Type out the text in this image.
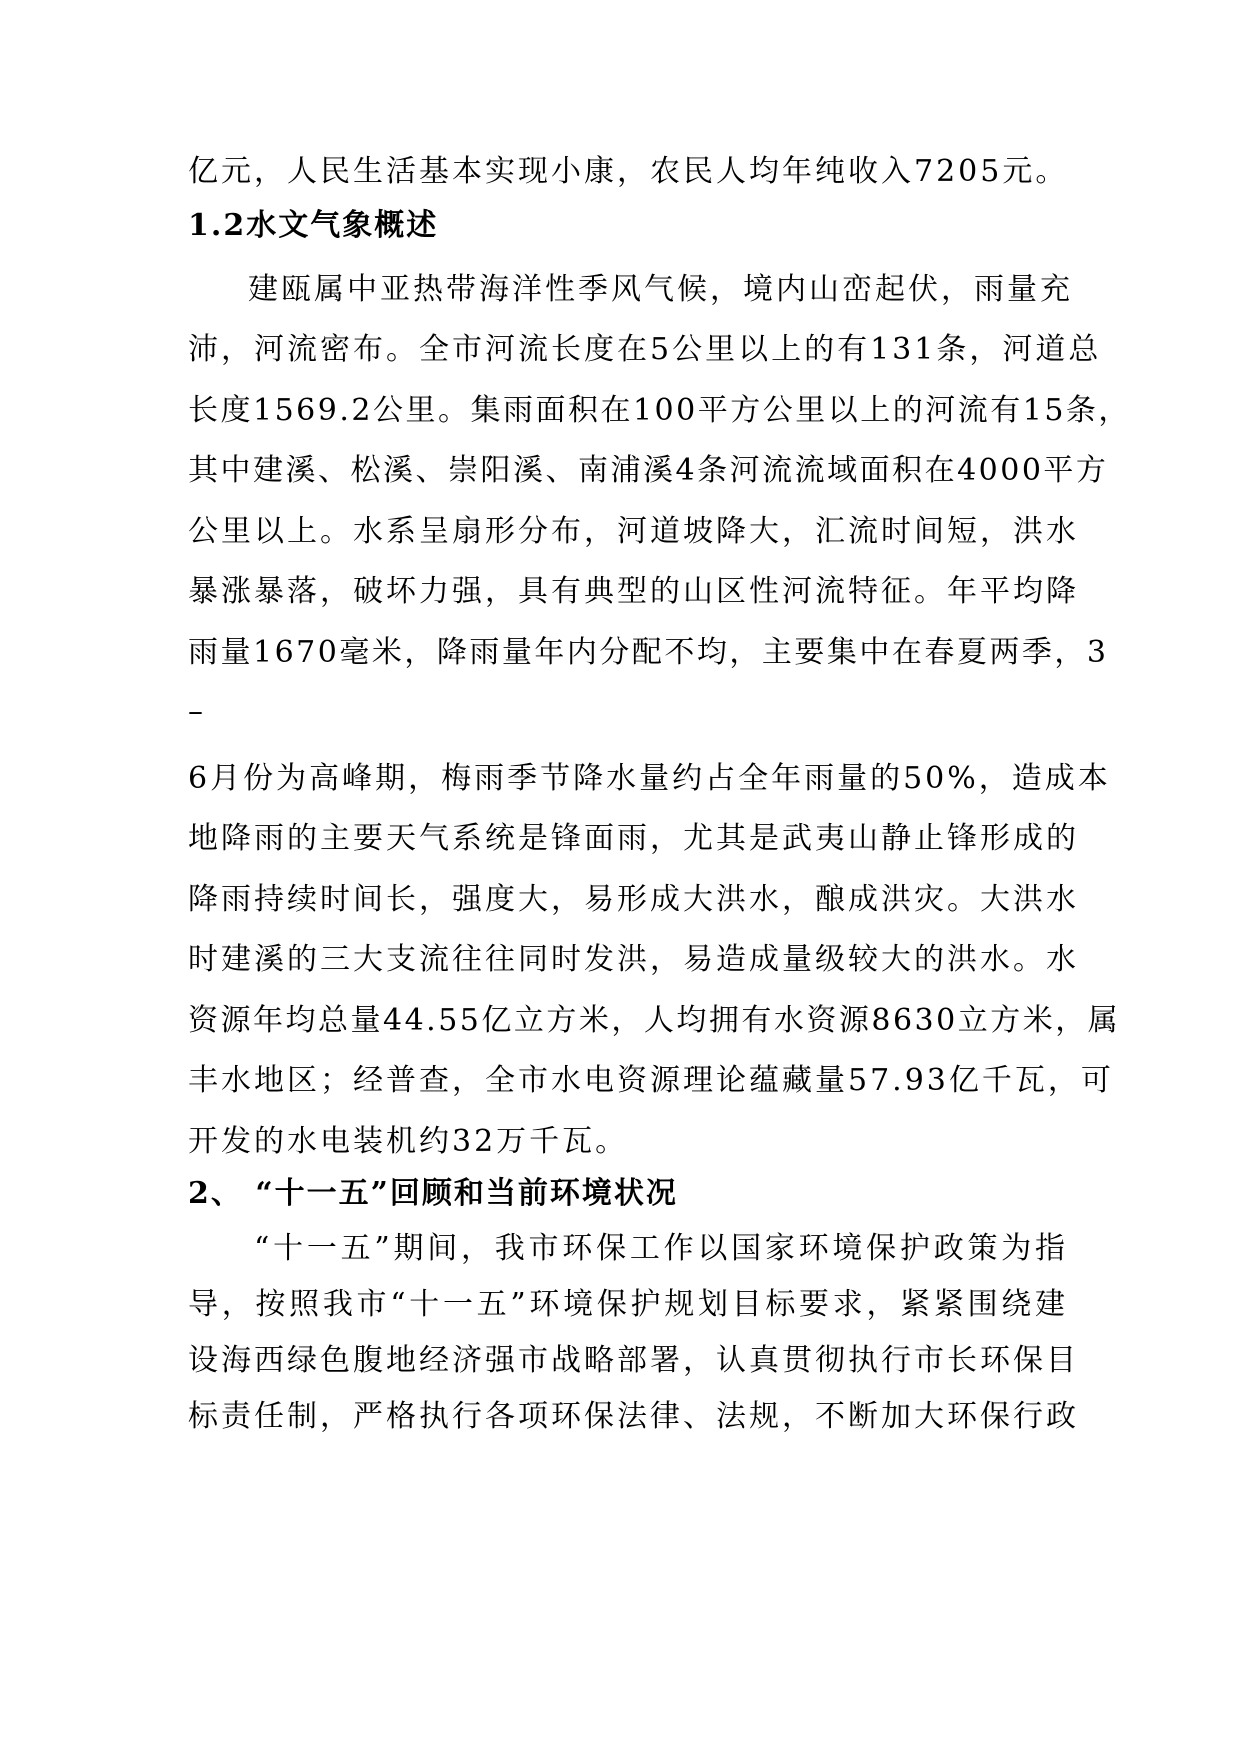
亿元，人民生活基本实现小康，农民人均年纯收入7205元。
1.2水文气象概述
建瓯属中亚热带海洋性季风气候，境内山峦起伏，雨量充
沛，河流密布。全市河流长度在5公里以上的有131条，河道总
长度1569.2公里。集雨面积在100平方公里以上的河流有15条，
其中建溪、松溪、崇阳溪、南浦溪4条河流流域面积在4000平方
公里以上。水系呈扇形分布，河道坡降大，汇流时间短，洪水
暴涨暴落，破坏力强，具有典型的山区性河流特征。年平均降
雨量1670毫米，降雨量年内分配不均，主要集中在春夏两季，3
–
6月份为高峰期，梅雨季节降水量约占全年雨量的50%，造成本
地降雨的主要天气系统是锋面雨，尤其是武夷山静止锋形成的
降雨持续时间长，强度大，易形成大洪水，酿成洪灾。大洪水
时建溪的三大支流往往同时发洪，易造成量级较大的洪水。水
资源年均总量44.55亿立方米，人均拥有水资源8630立方米，属
丰水地区；经普查，全市水电资源理论蕴藏量57.93亿千瓦，可
开发的水电装机约32万千瓦。
2、 “十一五”回顾和当前环境状况
“十一五”期间，我市环保工作以国家环境保护政策为指
导，按照我市“十一五”环境保护规划目标要求，紧紧围绕建
设海西绿色腹地经济强市战略部署，认真贯彻执行市长环保目
标责任制，严格执行各项环保法律、法规，不断加大环保行政
